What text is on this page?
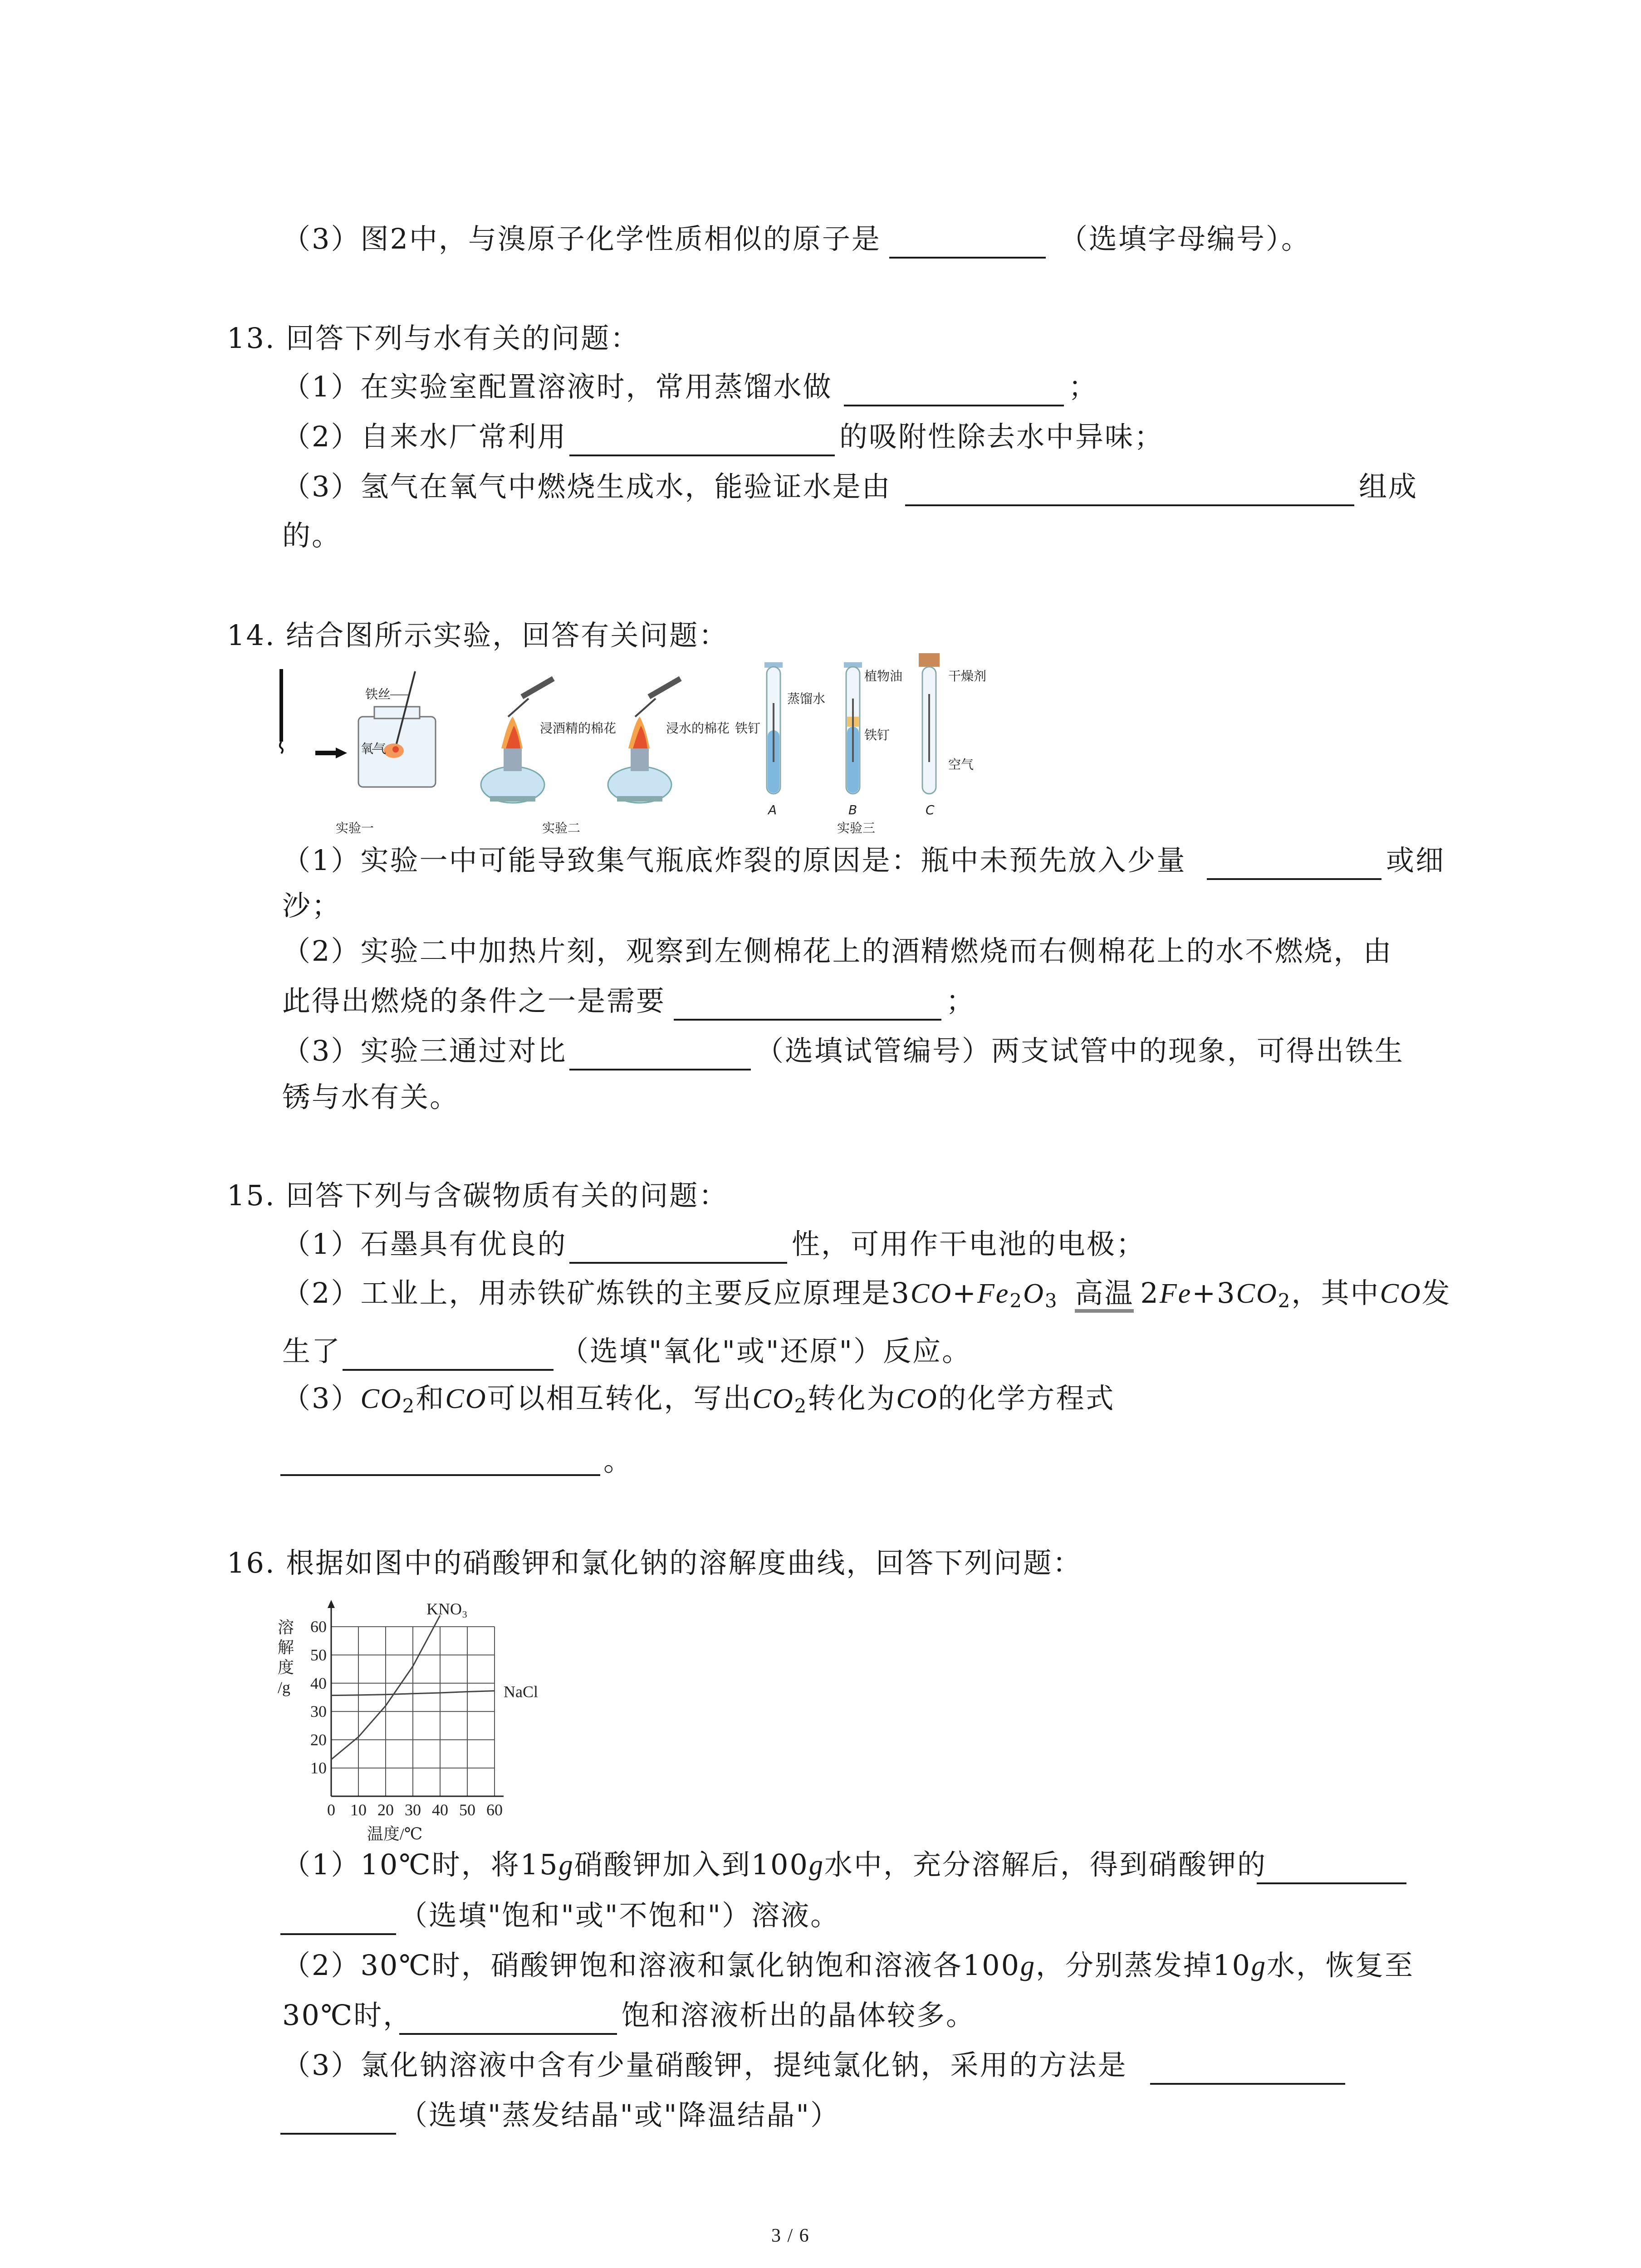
（3）图2中，与溴原子化学性质相似的原子是	（选填字母编号）。
13. 回答下列与水有关的问题：
（1）在实验室配置溶液时，常用蒸馏水做	；
（2）自来水厂常利用	的吸附性除去水中异味；
（3）氢气在氧气中燃烧生成水，能验证水是由	组成
的。
14. 结合图所示实验，回答有关问题：
铁丝
氧气
实验一
浸酒精的棉花	浸水的棉花
实验二
铁钉
蒸馏水
A
植物油
铁钉
B
干燥剂
空气
C
实验三
（1）实验一中可能导致集气瓶底炸裂的原因是：瓶中未预先放入少量	或细
沙；
（2）实验二中加热片刻，观察到左侧棉花上的酒精燃烧而右侧棉花上的水不燃烧，由
此得出燃烧的条件之一是需要	；
（3）实验三通过对比	（选填试管编号）两支试管中的现象，可得出铁生
锈与水有关。
15. 回答下列与含碳物质有关的问题：
（1）石墨具有优良的	性，可用作干电池的电极；
（2）工业上，用赤铁矿炼铁的主要反应原理是$3CO+Fe_2O_3$ 高温 $2Fe+3CO_2$，其中CO发
生了	（选填"氧化"或"还原"）反应。
$(3)CO_2$和CO可以相互转化，写出$CO_2$转化为CO的化学方程式
。
16. 根据如图中的硝酸钾和氯化钠的溶解度曲线，回答下列问题：
0 10 20 30 40 50 60
10
20
30
40
50
60
溶
解
度
/g
温度/℃
KNO₃
NaCl
（1）10℃时，将15g硝酸钾加入到100g水中，充分溶解后，得到硝酸钾的
（选填"饱和"或"不饱和"）溶液。
（2）30℃时，硝酸钾饱和溶液和氯化钠饱和溶液各100g，分别蒸发掉10g水，恢复至
30℃时，	饱和溶液析出的晶体较多。
（3）氯化钠溶液中含有少量硝酸钾，提纯氯化钠，采用的方法是
（选填"蒸发结晶"或"降温结晶"）
3 / 6
